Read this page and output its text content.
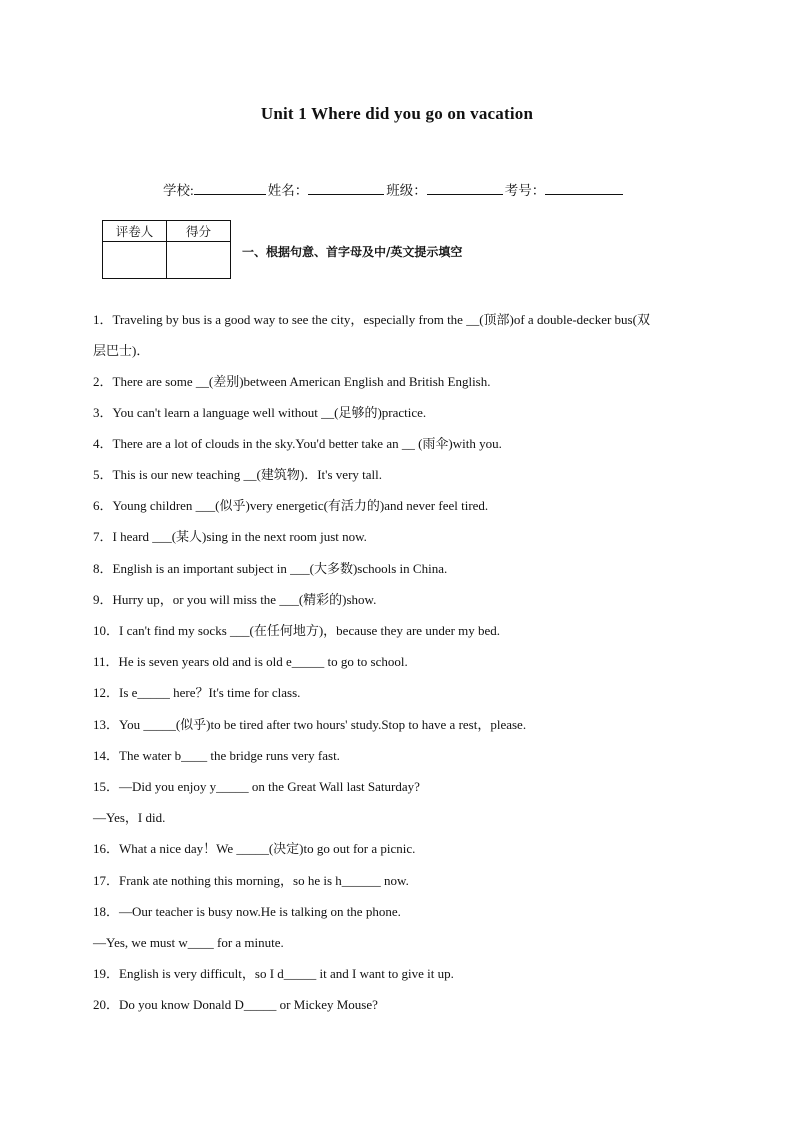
Unit 1 Where did you go on vacation
学校:	姓名：	班级：	考号：
评卷人	得分

一、根据句意、首字母及中/英文提示填空
1．Traveling by bus is a good way to see the city，especially from the __(顶部)of a double-decker bus(双
层巴士)．
2．There are some __(差别)between American English and British English.
3．You can't learn a language well without __(足够的)practice.
4．There are a lot of clouds in the sky.You'd better take an __ (雨伞)with you.
5．This is our new teaching __(建筑物)．It's very tall.
6．Young children ___(似乎)very energetic(有活力的)and never feel tired.
7．I heard ___(某人)sing in the next room just now.
8．English is an important subject in ___(大多数)schools in China.
9．Hurry up，or you will miss the ___(精彩的)show.
10．I can't find my socks ___(在任何地方)，because they are under my bed.
11．He is seven years old and is old e_____ to go to school.
12．Is e_____ here？It's time for class.
13．You _____(似乎)to be tired after two hours' study.Stop to have a rest，please.
14．The water b____ the bridge runs very fast.
15．—Did you enjoy y_____ on the Great Wall last Saturday?
—Yes，I did.
16．What a nice day！We _____(决定)to go out for a picnic.
17．Frank ate nothing this morning，so he is h______ now.
18．—Our teacher is busy now.He is talking on the phone.
—Yes, we must w____ for a minute.
19．English is very difficult，so I d_____ it and I want to give it up.
20．Do you know Donald D_____ or Mickey Mouse?
